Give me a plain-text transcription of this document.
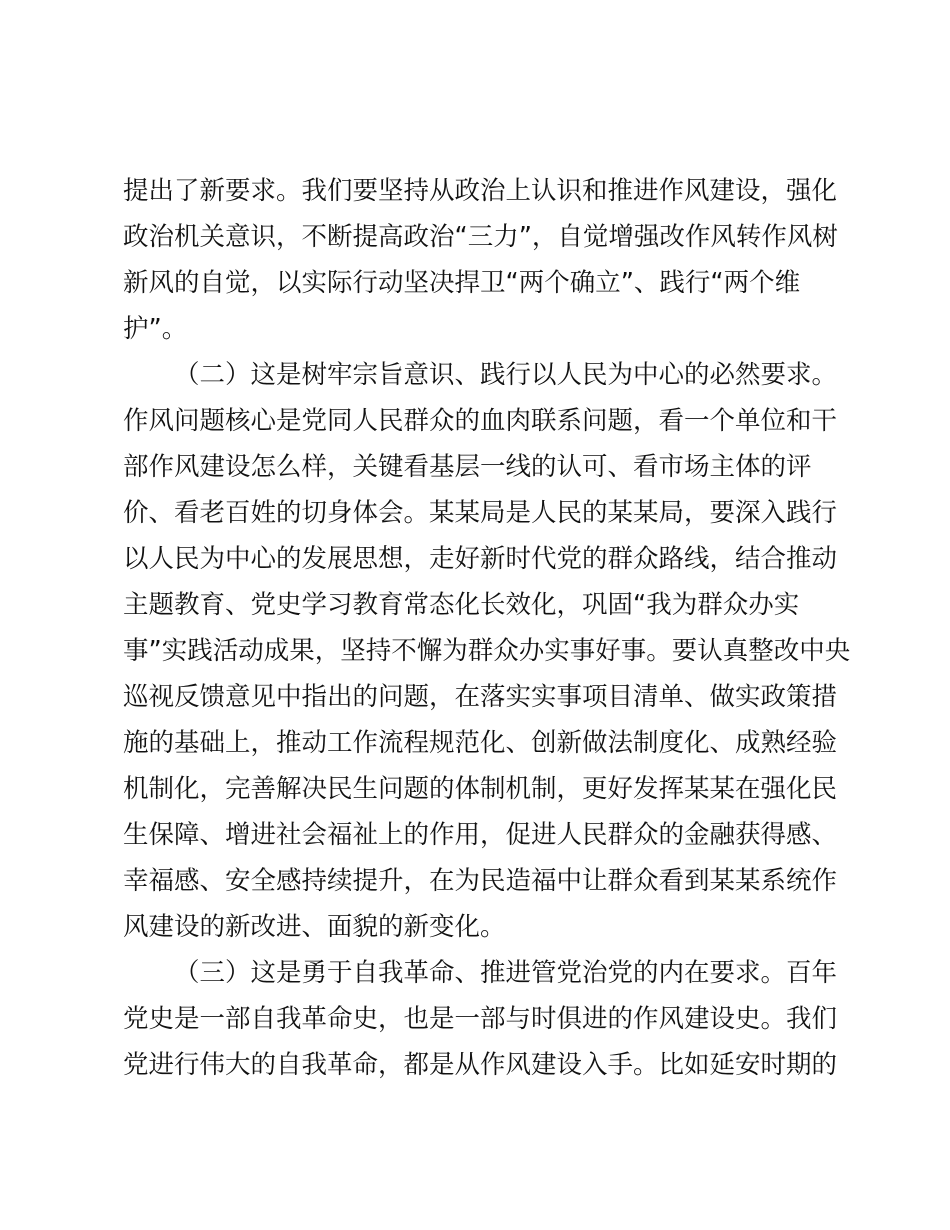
提出了新要求。我们要坚持从政治上认识和推进作风建设，强化
政治机关意识，不断提高政治“三力”，自觉增强改作风转作风树
新风的自觉，以实际行动坚决捍卫“两个确立”、践行“两个维
护”。
（二）这是树牢宗旨意识、践行以人民为中心的必然要求。
作风问题核心是党同人民群众的血肉联系问题，看一个单位和干
部作风建设怎么样，关键看基层一线的认可、看市场主体的评
价、看老百姓的切身体会。某某局是人民的某某局，要深入践行
以人民为中心的发展思想，走好新时代党的群众路线，结合推动
主题教育、党史学习教育常态化长效化，巩固“我为群众办实
事”实践活动成果，坚持不懈为群众办实事好事。要认真整改中央
巡视反馈意见中指出的问题，在落实实事项目清单、做实政策措
施的基础上，推动工作流程规范化、创新做法制度化、成熟经验
机制化，完善解决民生问题的体制机制，更好发挥某某在强化民
生保障、增进社会福祉上的作用，促进人民群众的金融获得感、
幸福感、安全感持续提升，在为民造福中让群众看到某某系统作
风建设的新改进、面貌的新变化。
（三）这是勇于自我革命、推进管党治党的内在要求。百年
党史是一部自我革命史，也是一部与时俱进的作风建设史。我们
党进行伟大的自我革命，都是从作风建设入手。比如延安时期的
